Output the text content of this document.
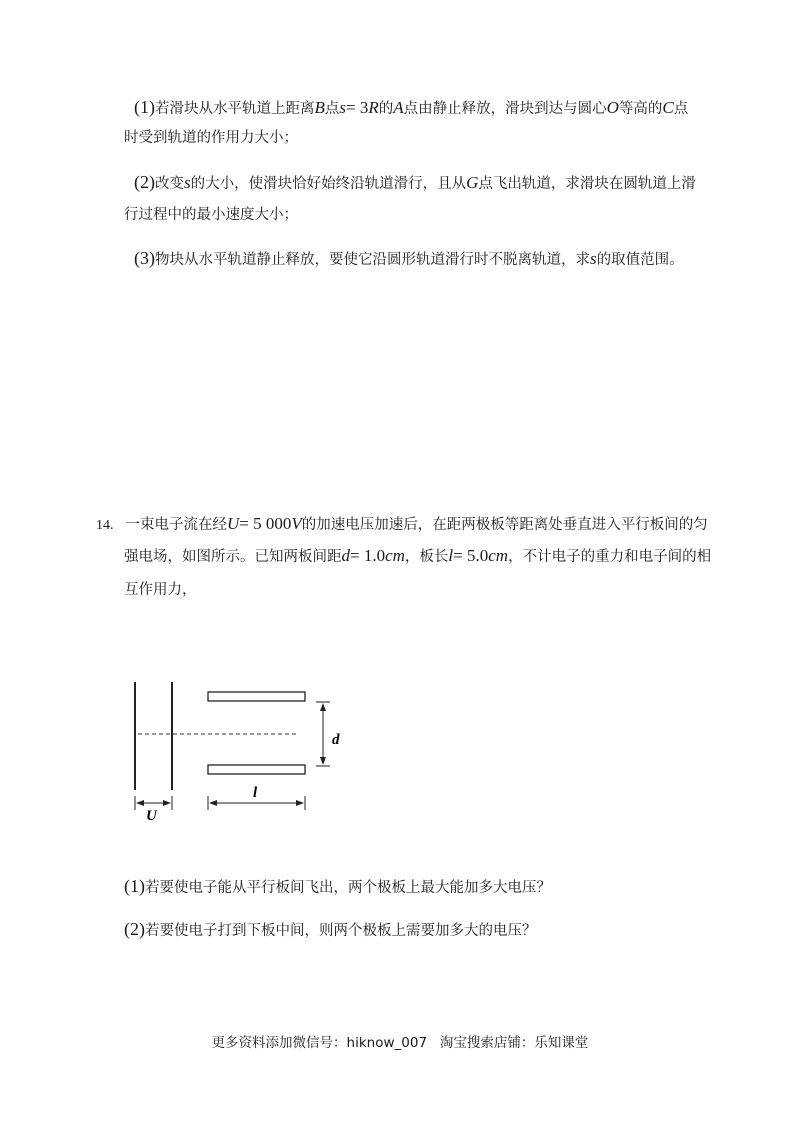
(1)若滑块从水平轨道上距离B点s= 3R的A点由静止释放，滑块到达与圆心O等高的C点
时受到轨道的作用力大小；
(2)改变s的大小，使滑块恰好始终沿轨道滑行，且从G点飞出轨道，求滑块在圆轨道上滑
行过程中的最小速度大小；
(3)物块从水平轨道静止释放，要使它沿圆形轨道滑行时不脱离轨道，求s的取值范围。
14. 一束电子流在经U= 5 000V的加速电压加速后，在距两极板等距离处垂直进入平行板间的匀
强电场，如图所示。已知两板间距d= 1.0cm，板长l= 5.0cm，不计电子的重力和电子间的相
互作用力，
d
l
U
(1)若要使电子能从平行板间飞出，两个极板上最大能加多大电压？
(2)若要使电子打到下板中间，则两个极板上需要加多大的电压？
更多资料添加微信号：hiknow_007   淘宝搜索店铺：乐知课堂
